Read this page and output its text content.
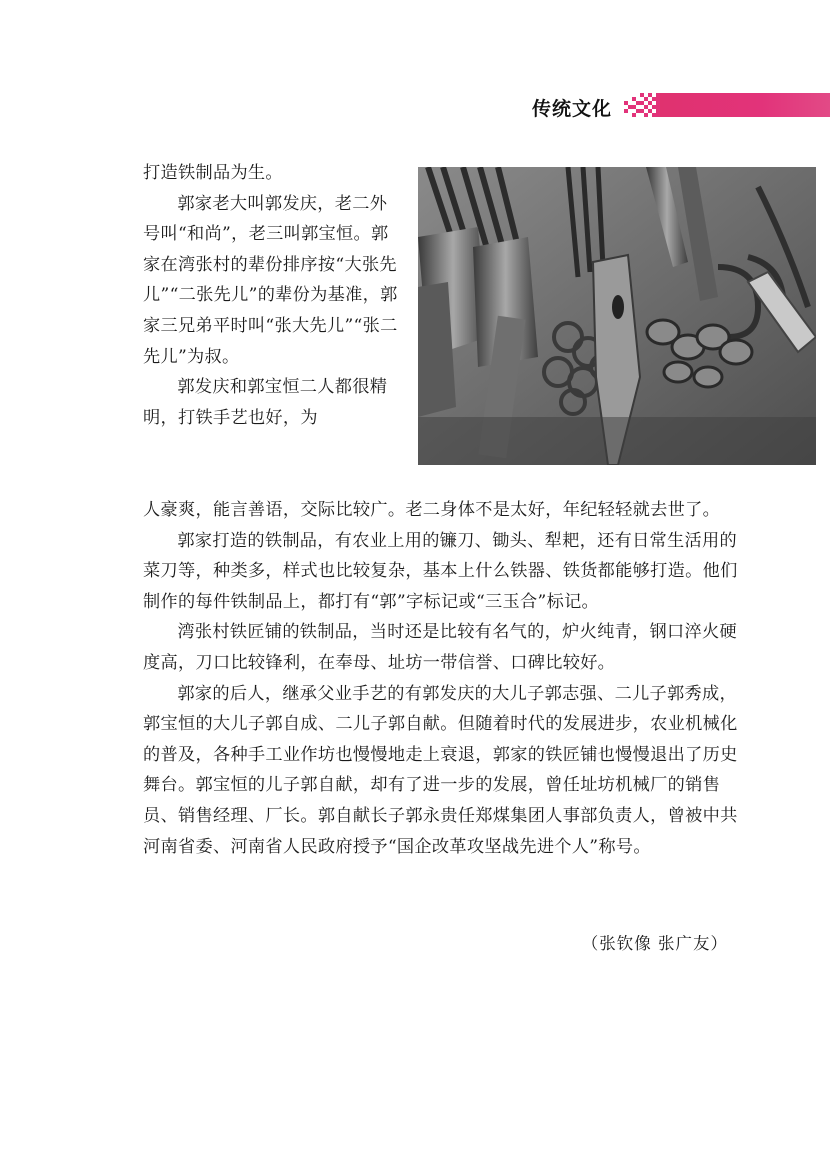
传统文化

打造铁制品为生。

郭家老大叫郭发庆，老二外号叫“和尚”，老三叫郭宝恒。郭家在湾张村的辈份排序按“大张先儿”“二张先儿”的辈份为基准，郭家三兄弟平时叫“张大先儿”“张二先儿”为叔。

郭发庆和郭宝恒二人都很精明，打铁手艺也好，为

人豪爽，能言善语，交际比较广。老二身体不是太好，年纪轻轻就去世了。

郭家打造的铁制品，有农业上用的镰刀、锄头、犁耙，还有日常生活用的菜刀等，种类多，样式也比较复杂，基本上什么铁器、铁货都能够打造。他们制作的每件铁制品上，都打有“郭”字标记或“三玉合”标记。

湾张村铁匠铺的铁制品，当时还是比较有名气的，炉火纯青，钢口淬火硬度高，刀口比较锋利，在奉母、址坊一带信誉、口碑比较好。

郭家的后人，继承父业手艺的有郭发庆的大儿子郭志强、二儿子郭秀成，郭宝恒的大儿子郭自成、二儿子郭自献。但随着时代的发展进步，农业机械化的普及，各种手工业作坊也慢慢地走上衰退，郭家的铁匠铺也慢慢退出了历史舞台。郭宝恒的儿子郭自献，却有了进一步的发展，曾任址坊机械厂的销售员、销售经理、厂长。郭自献长子郭永贵任郑煤集团人事部负责人，曾被中共河南省委、河南省人民政府授予“国企改革攻坚战先进个人”称号。

（张钦像 张广友）
